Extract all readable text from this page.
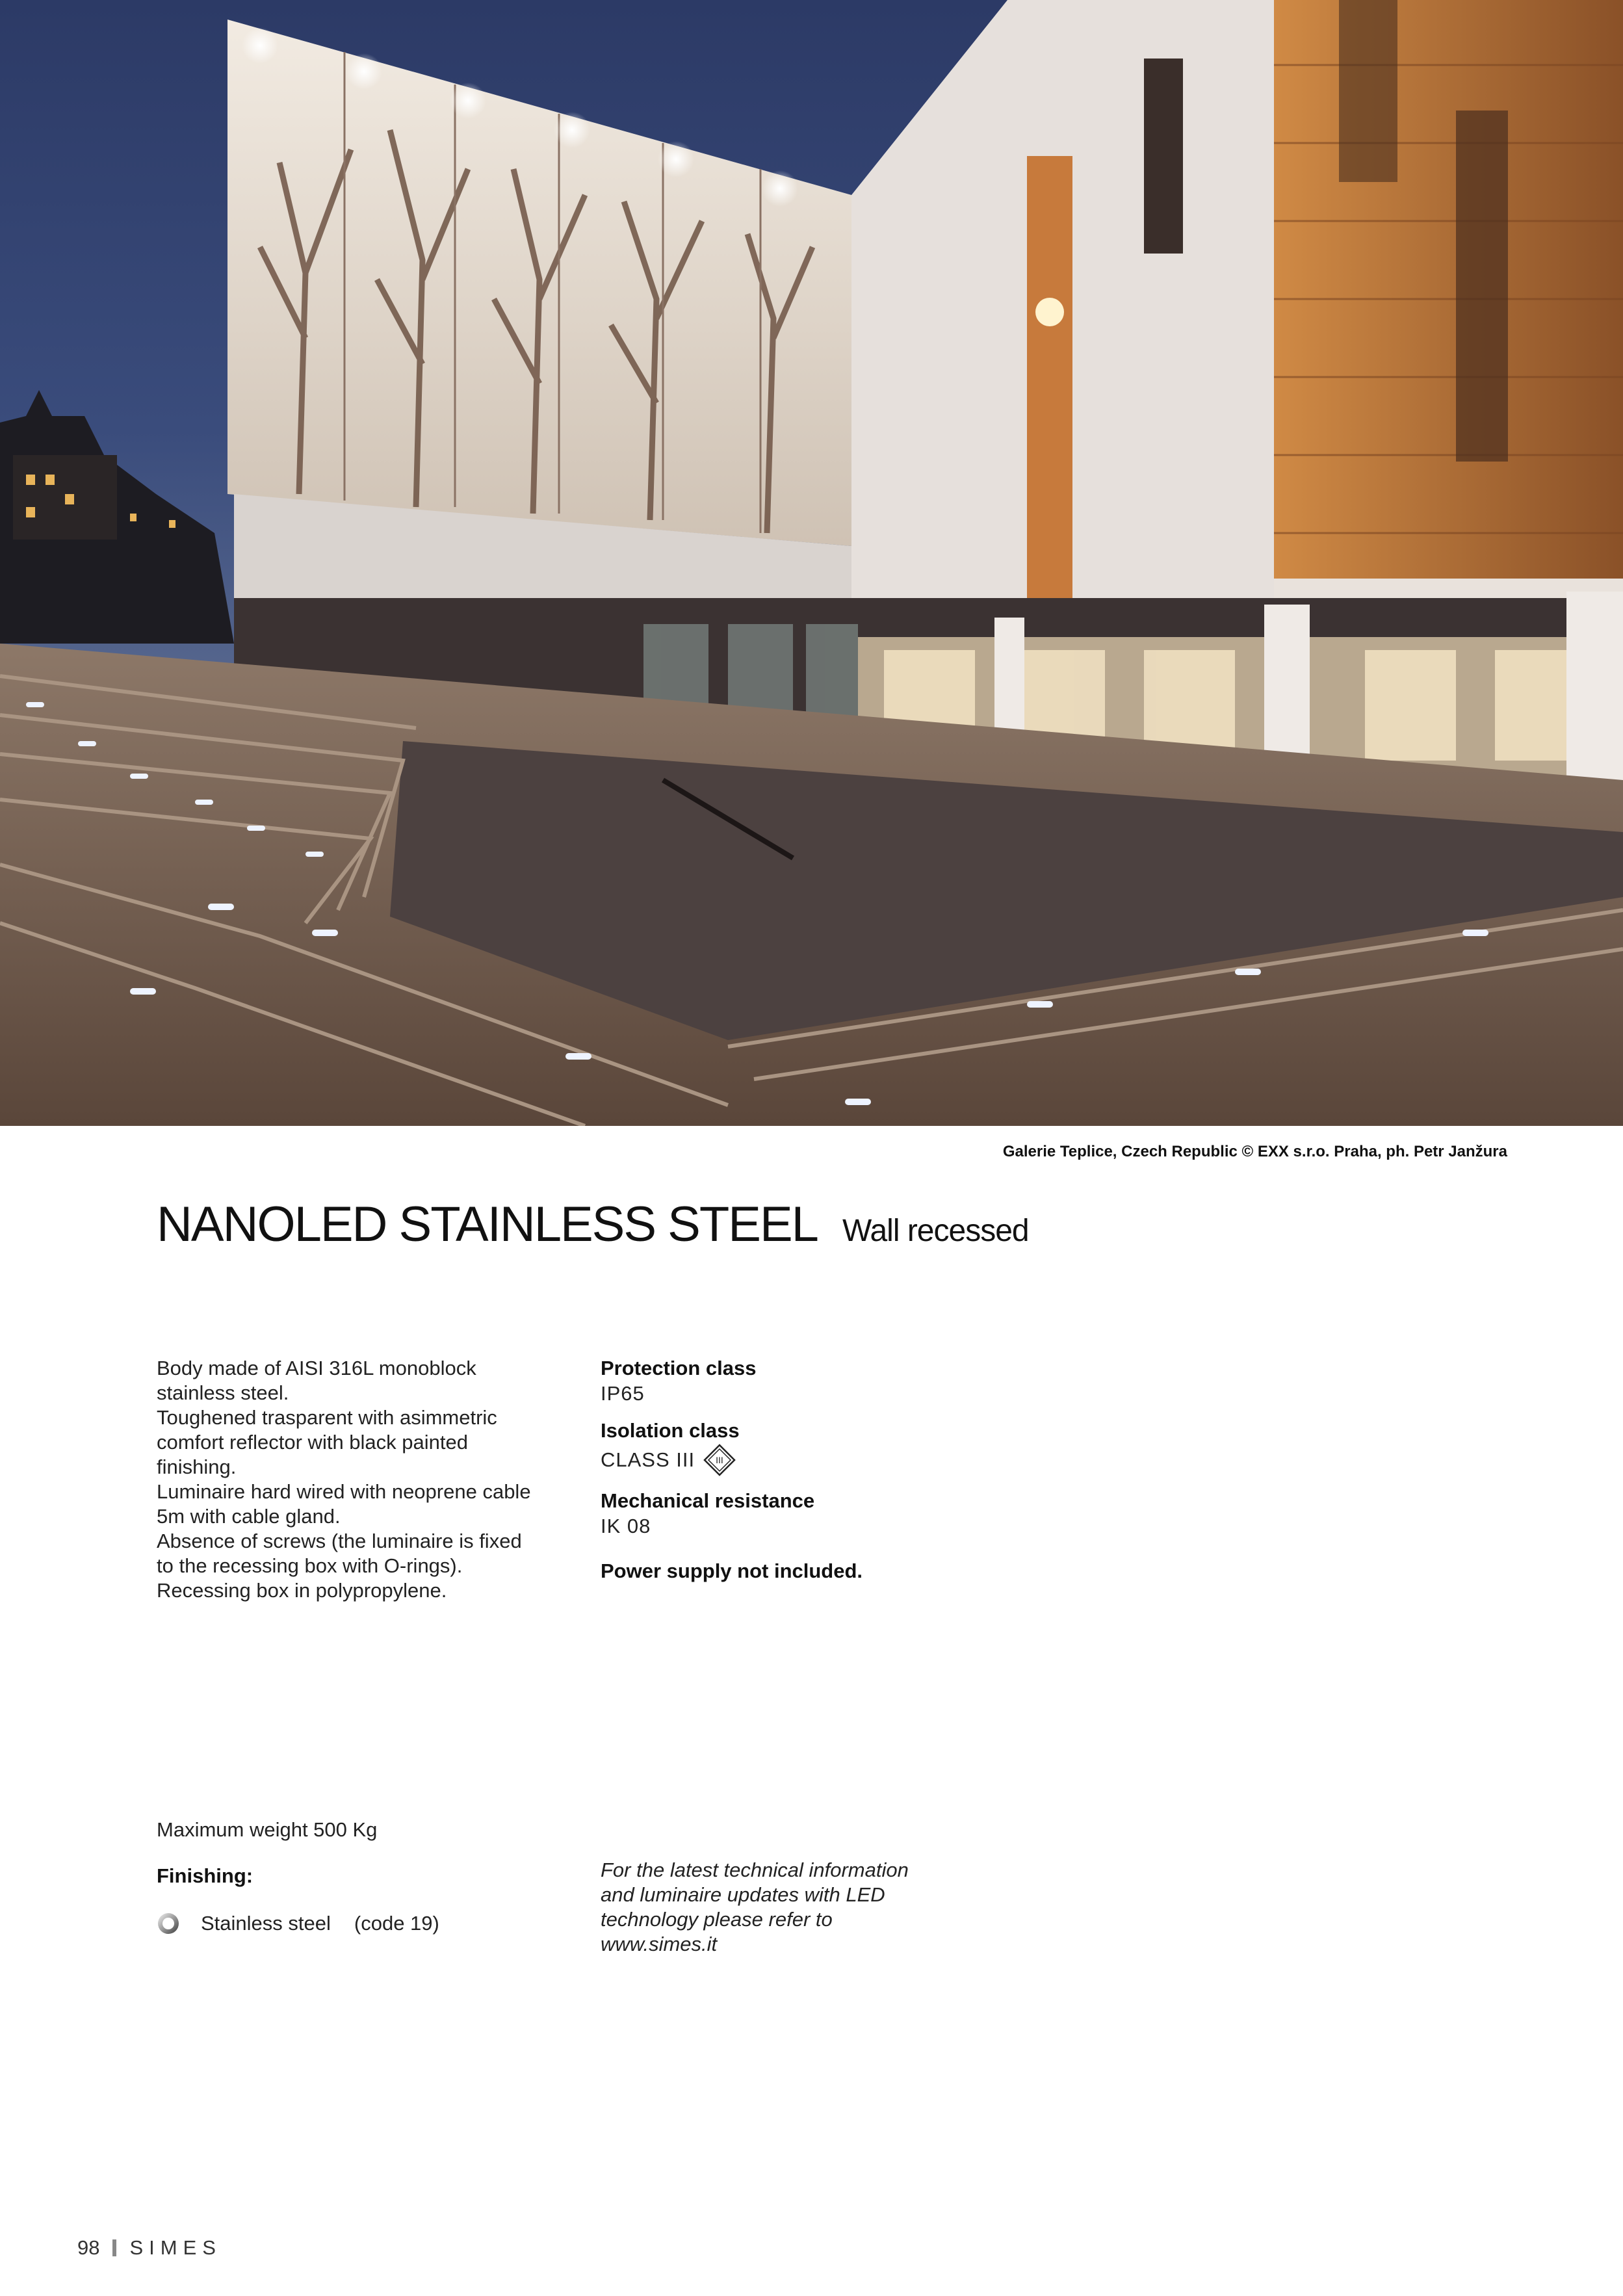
Galerie Teplice, Czech Republic © EXX s.r.o. Praha, ph. Petr Janžura
NANOLED STAINLESS STEEL Wall recessed

Body made of AISI 316L monoblock

stainless steel.

Toughened trasparent with asimmetric

comfort reflector with black painted

finishing.

Luminaire hard wired with neoprene cable

5m with cable gland.

Absence of screws (the luminaire is fixed

to the recessing box with O-rings).

Recessing box in polypropylene.

Protection class
IP65
Isolation class
CLASS III III
Mechanical resistance
IK 08
Power supply not included.
Maximum weight 500 Kg
Finishing:
Stainless steel (code 19)
For the latest technical information
and luminaire updates with LED
technology please refer to
www.simes.it
98 SIMES
